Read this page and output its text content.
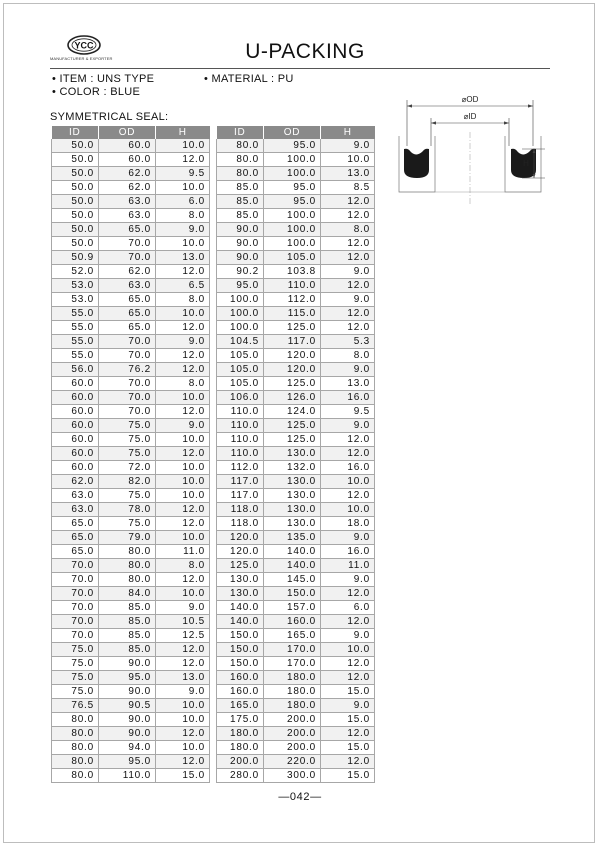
YCC
MANUFACTURER & EXPORTER	U-PACKING
• ITEM : UNS TYPE	• MATERIAL : PU
• COLOR : BLUE
SYMMETRICAL SEAL:
ID	OD	H
50.0	60.0	10.0
50.0	60.0	12.0
50.0	62.0	9.5
50.0	62.0	10.0
50.0	63.0	6.0
50.0	63.0	8.0
50.0	65.0	9.0
50.0	70.0	10.0
50.9	70.0	13.0
52.0	62.0	12.0
53.0	63.0	6.5
53.0	65.0	8.0
55.0	65.0	10.0
55.0	65.0	12.0
55.0	70.0	9.0
55.0	70.0	12.0
56.0	76.2	12.0
60.0	70.0	8.0
60.0	70.0	10.0
60.0	70.0	12.0
60.0	75.0	9.0
60.0	75.0	10.0
60.0	75.0	12.0
60.0	72.0	10.0
62.0	82.0	10.0
63.0	75.0	10.0
63.0	78.0	12.0
65.0	75.0	12.0
65.0	79.0	10.0
65.0	80.0	11.0
70.0	80.0	8.0
70.0	80.0	12.0
70.0	84.0	10.0
70.0	85.0	9.0
70.0	85.0	10.5
70.0	85.0	12.5
75.0	85.0	12.0
75.0	90.0	12.0
75.0	95.0	13.0
75.0	90.0	9.0
76.5	90.5	10.0
80.0	90.0	10.0
80.0	90.0	12.0
80.0	94.0	10.0
80.0	95.0	12.0
80.0	110.0	15.0
ID	OD	H
80.0	95.0	9.0
80.0	100.0	10.0
80.0	100.0	13.0
85.0	95.0	8.5
85.0	95.0	12.0
85.0	100.0	12.0
90.0	100.0	8.0
90.0	100.0	12.0
90.0	105.0	12.0
90.2	103.8	9.0
95.0	110.0	12.0
100.0	112.0	9.0
100.0	115.0	12.0
100.0	125.0	12.0
104.5	117.0	5.3
105.0	120.0	8.0
105.0	120.0	9.0
105.0	125.0	13.0
106.0	126.0	16.0
110.0	124.0	9.5
110.0	125.0	9.0
110.0	125.0	12.0
110.0	130.0	12.0
112.0	132.0	16.0
117.0	130.0	10.0
117.0	130.0	12.0
118.0	130.0	10.0
118.0	130.0	18.0
120.0	135.0	9.0
120.0	140.0	16.0
125.0	140.0	11.0
130.0	145.0	9.0
130.0	150.0	12.0
140.0	157.0	6.0
140.0	160.0	12.0
150.0	165.0	9.0
150.0	170.0	10.0
150.0	170.0	12.0
160.0	180.0	12.0
160.0	180.0	15.0
165.0	180.0	9.0
175.0	200.0	15.0
180.0	200.0	12.0
180.0	200.0	15.0
200.0	220.0	12.0
280.0	300.0	15.0
⌀OD
⌀ID
H
—042—
